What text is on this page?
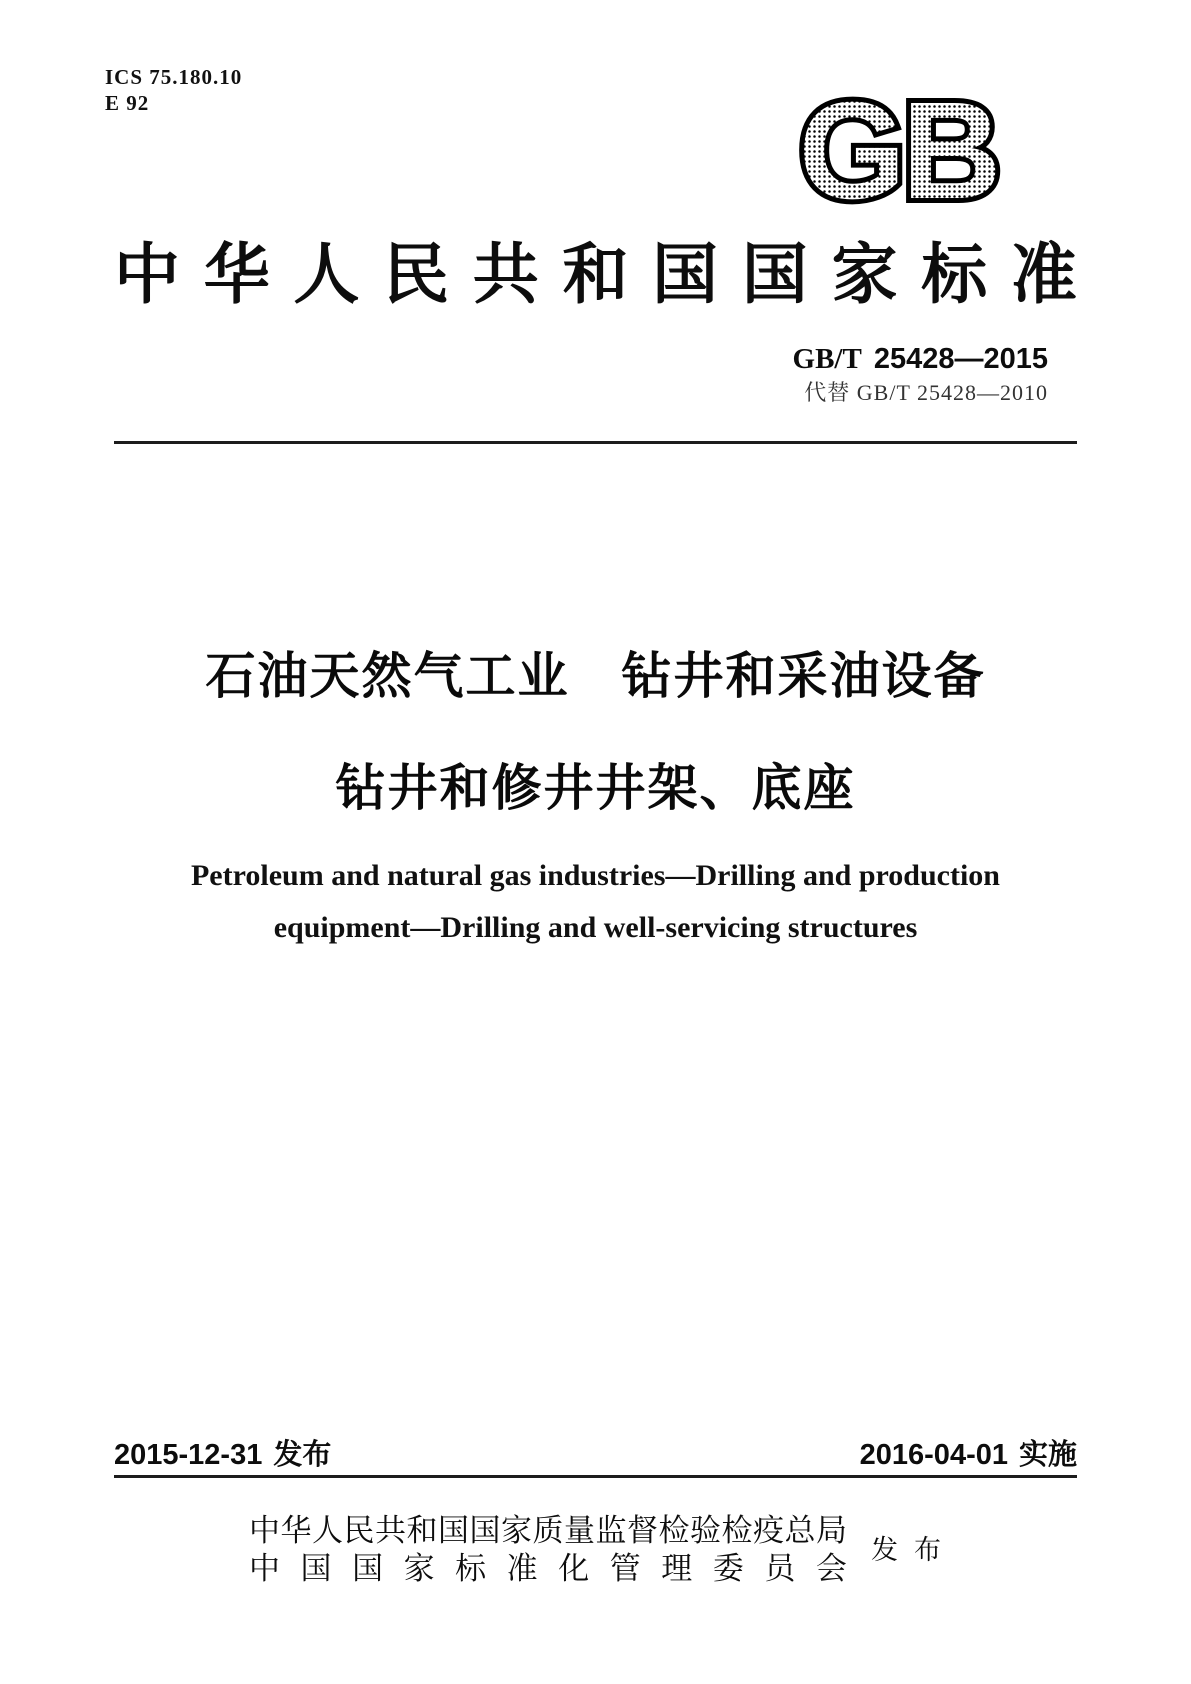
ICS 75.180.10
E 92	GB
中 华 人 民 共 和 国 国 家 标 准
GB/T 25428—2015
代替 GB/T 25428—2010
石油天然气工业　钻井和采油设备
钻井和修井井架、底座
Petroleum and natural gas industries—Drilling and production
equipment—Drilling and well-servicing structures
2015-12-31 发布	2016-04-01 实施
中 华 人 民 共 和 国 国 家 质 量 监 督 检 验 检 疫 总 局
中 国 国 家 标 准 化 管 理 委 员 会
发 布
